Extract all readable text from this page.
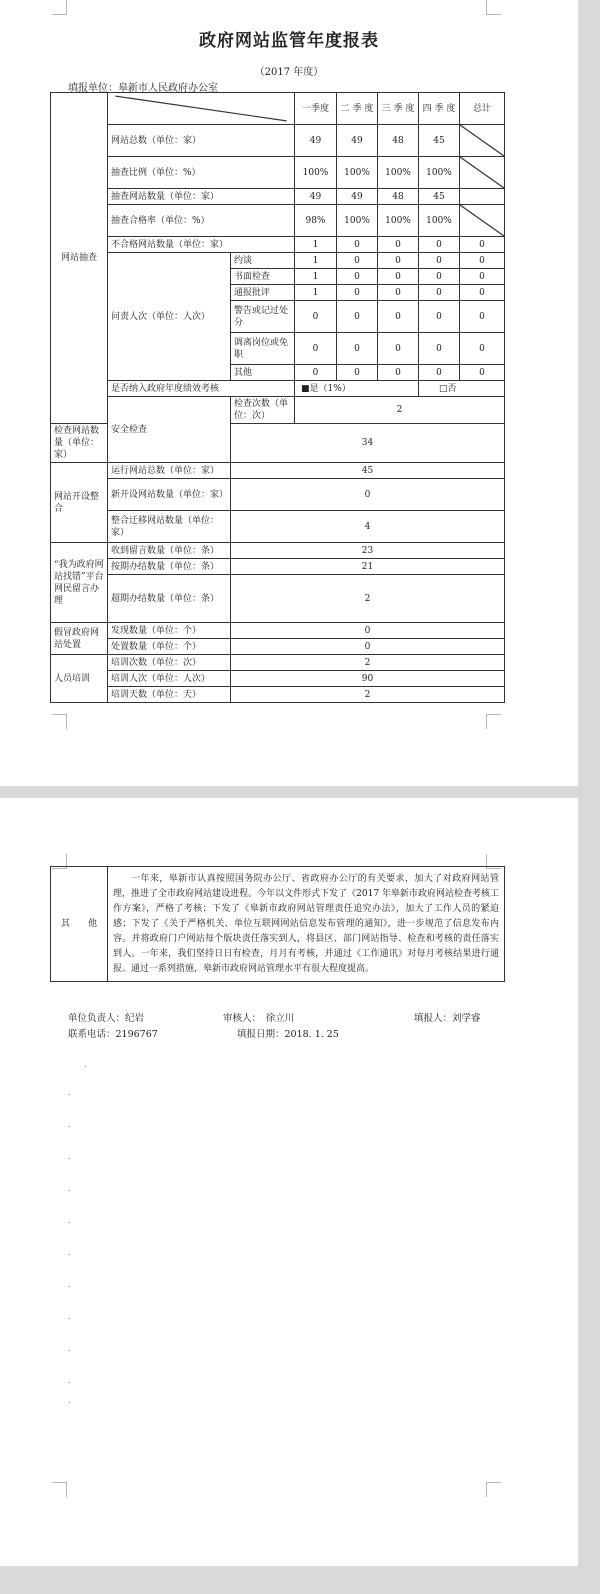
政府网站监管年度报表
（2017 年度）
填报单位：皋新市人民政府办公室
网站抽查			一季度	二 季 度	三 季 度	四 季 度	总计
	网站总数（单位：家）		49	49	48	45	

	抽查比例（单位：%）		100%	100%	100%	100%	

	抽查网站数量（单位：家）		49	49	48	45	
	抽查合格率（单位：%）		98%	100%	100%	100%	

	不合格网站数量（单位：家）		1	0	0	0	0
	问责人次（单位：人次）	约谈	1	0	0	0	0
		书面检查	1	0	0	0	0
		通报批评	1	0	0	0	0
		警告或记过处分	0	0	0	0	0
		调离岗位或免职	0	0	0	0	0
		其他	0	0	0	0	0
	是否纳入政府年度绩效考核		■是（1%）			□否	
	安全检查	检查次数（单位：次）	2				
检查网站数量（单位：家）		34					
网站开设整合	运行网站总数（单位：家）	45					
	新开设网站数量（单位：家）	0					
	整合迁移网站数量（单位：家）	4					
“我为政府网站找错”平台网民留言办理	收到留言数量（单位：条）	23					
	按期办结数量（单位：条）	21					
	超期办结数量（单位：条）	2					
假冒政府网站处置	发现数量（单位：个）	0					
	处置数量（单位：个）	0					
人员培训	培训次数（单位：次）	2					
	培训人次（单位：人次）	90					
	培训天数（单位：天）	2					
其　　他	一年来，皋新市认真按照国务院办公厅、省政府办公厅的有关要求，加大了对政府网站管理，推进了全市政府网站建设进程。今年以文件形式下发了《2017 年皋新市政府网站检查考核工作方案》，严格了考核；下发了《皋新市政府网站管理责任追究办法》，加大了工作人员的紧迫感；下发了《关于严格机关、单位互联网网站信息发布管理的通知》，进一步规范了信息发布内容。并将政府门户网站每个版块责任落实到人，将县区、部门网站指导、检查和考核的责任落实到人。一年来，我们坚持日日有检查，月月有考核，并通过《工作通讯》对每月考核结果进行通报。通过一系列措施，皋新市政府网站管理水平有很大程度提高。
单位负责人：纪岩	审核人：　徐立川	填报人：刘学睿
联系电话：2196767	填报日期：2018. 1. 25
.
.
.
.
.
.
.
.
.
.
.
.
